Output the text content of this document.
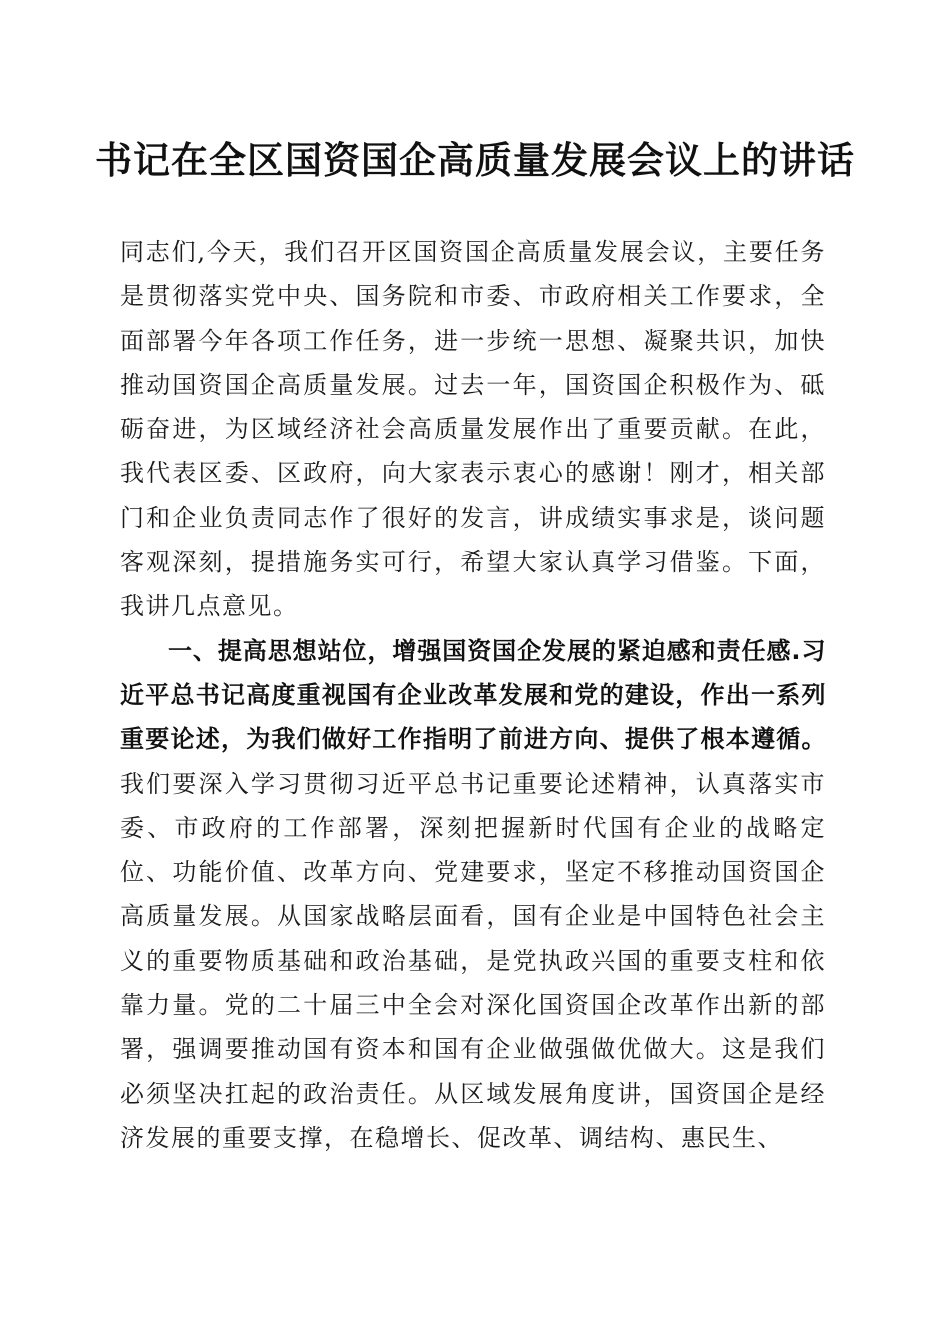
书记在全区国资国企高质量发展会议上的讲话

同志们,今天，我们召开区国资国企高质量发展会议，主要任务是贯彻落实党中央、国务院和市委、市政府相关工作要求，全面部署今年各项工作任务，进一步统一思想、凝聚共识，加快推动国资国企高质量发展。过去一年，国资国企积极作为、砥砺奋进，为区域经济社会高质量发展作出了重要贡献。在此，我代表区委、区政府，向大家表示衷心的感谢！刚才，相关部门和企业负责同志作了很好的发言，讲成绩实事求是，谈问题客观深刻，提措施务实可行，希望大家认真学习借鉴。下面，我讲几点意见。

一、提高思想站位，增强国资国企发展的紧迫感和责任感.习近平总书记高度重视国有企业改革发展和党的建设，作出一系列重要论述，为我们做好工作指明了前进方向、提供了根本遵循。我们要深入学习贯彻习近平总书记重要论述精神，认真落实市委、市政府的工作部署，深刻把握新时代国有企业的战略定位、功能价值、改革方向、党建要求，坚定不移推动国资国企高质量发展。从国家战略层面看，国有企业是中国特色社会主义的重要物质基础和政治基础，是党执政兴国的重要支柱和依靠力量。党的二十届三中全会对深化国资国企改革作出新的部署，强调要推动国有资本和国有企业做强做优做大。这是我们必须坚决扛起的政治责任。从区域发展角度讲，国资国企是经济发展的重要支撑，在稳增长、促改革、调结构、惠民生、
